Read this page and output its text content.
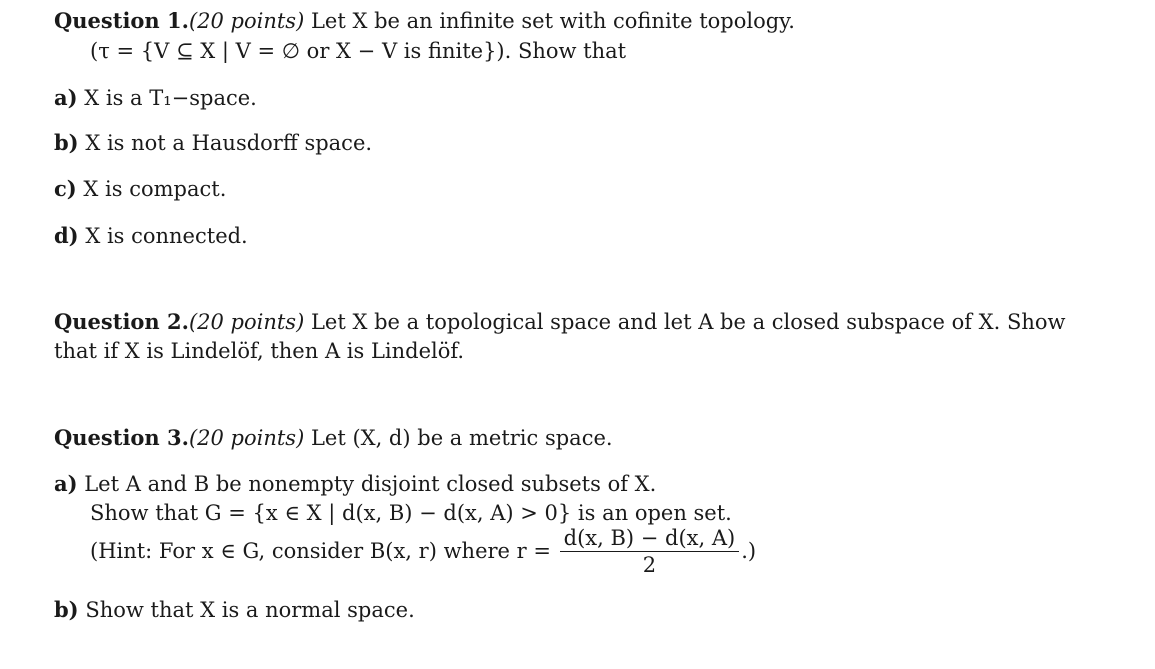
Question 1.(20 points) Let X be an infinite set with cofinite topology.
(τ = {V ⊆ X | V = ∅ or X − V is finite}). Show that
a) X is a T₁−space.
b) X is not a Hausdorff space.
c) X is compact.
d) X is connected.
Question 2.(20 points) Let X be a topological space and let A be a closed subspace of X. Show
that if X is Lindelöf, then A is Lindelöf.
Question 3.(20 points) Let (X, d) be a metric space.
a) Let A and B be nonempty disjoint closed subsets of X.
Show that G = {x ∈ X | d(x, B) − d(x, A) > 0} is an open set.
(Hint: For x ∈ G, consider B(x, r) where $r = \frac{d(x, B) - d(x, A)}{2}$ .)
b) Show that X is a normal space.
